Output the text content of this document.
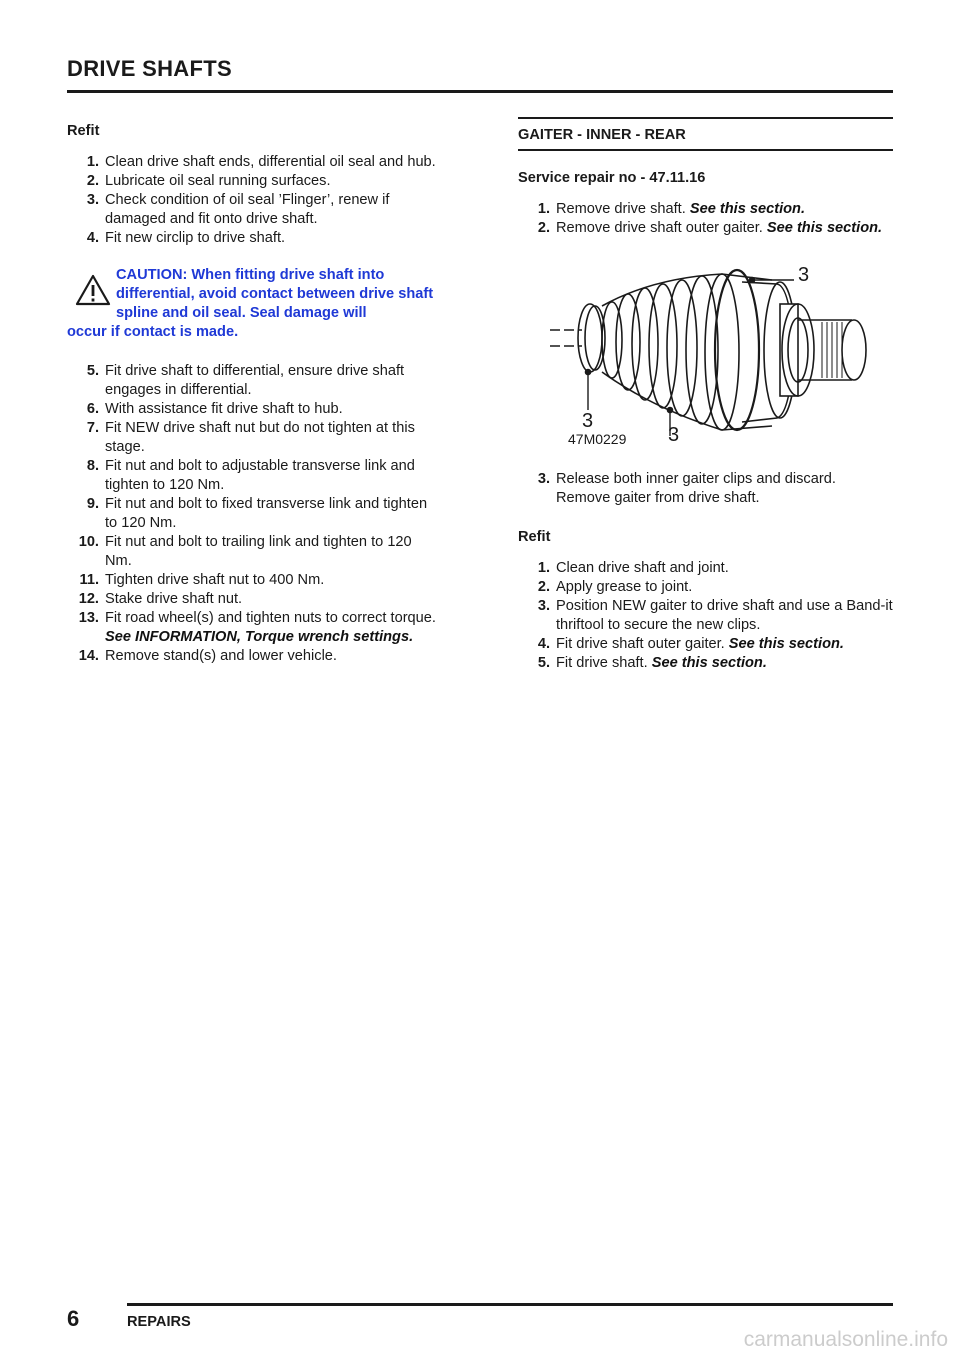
DRIVE SHAFTS
Refit
1. Clean drive shaft ends, differential oil seal and hub.
2. Lubricate oil seal running surfaces.
3. Check condition of oil seal ’Flinger’, renew if damaged and fit onto drive shaft.
4. Fit new circlip to drive shaft.
CAUTION: When fitting drive shaft into differential, avoid contact between drive shaft spline and oil seal. Seal damage will
occur if contact is made.
5. Fit drive shaft to differential, ensure drive shaft engages in differential.
6. With assistance fit drive shaft to hub.
7. Fit NEW drive shaft nut but do not tighten at this stage.
8. Fit nut and bolt to adjustable transverse link and tighten to 120 Nm.
9. Fit nut and bolt to fixed transverse link and tighten to 120 Nm.
10. Fit nut and bolt to trailing link and tighten to 120 Nm.
11. Tighten drive shaft nut to 400 Nm.
12. Stake drive shaft nut.
13. Fit road wheel(s) and tighten nuts to correct torque. See INFORMATION, Torque wrench settings.
14. Remove stand(s) and lower vehicle.
GAITER - INNER - REAR
Service repair no - 47.11.16
1. Remove drive shaft. See this section.
2. Remove drive shaft outer gaiter. See this section.
3
3
3
47M0229
3. Release both inner gaiter clips and discard. Remove gaiter from drive shaft.
Refit
1. Clean drive shaft and joint.
2. Apply grease to joint.
3. Position NEW gaiter to drive shaft and use a Band-it thriftool to secure the new clips.
4. Fit drive shaft outer gaiter. See this section.
5. Fit drive shaft. See this section.
6	REPAIRS
carmanualsonline.info
